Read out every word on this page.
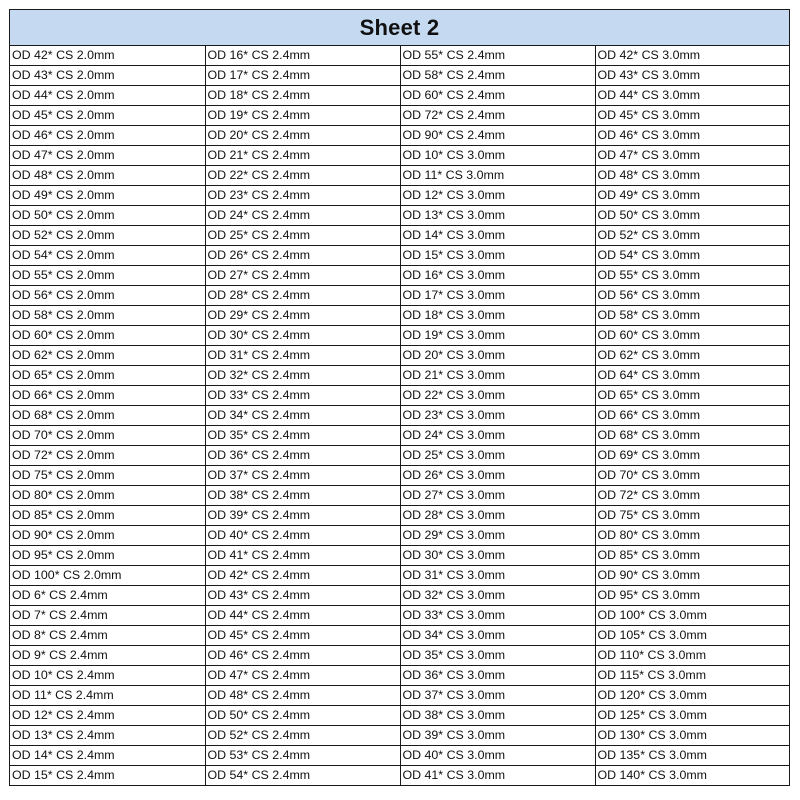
Sheet 2
OD 42* CS 2.0mm	OD 16* CS 2.4mm	OD 55* CS 2.4mm	OD 42* CS 3.0mm
OD 43* CS 2.0mm	OD 17* CS 2.4mm	OD 58* CS 2.4mm	OD 43* CS 3.0mm
OD 44* CS 2.0mm	OD 18* CS 2.4mm	OD 60* CS 2.4mm	OD 44* CS 3.0mm
OD 45* CS 2.0mm	OD 19* CS 2.4mm	OD 72* CS 2.4mm	OD 45* CS 3.0mm
OD 46* CS 2.0mm	OD 20* CS 2.4mm	OD 90* CS 2.4mm	OD 46* CS 3.0mm
OD 47* CS 2.0mm	OD 21* CS 2.4mm	OD 10* CS 3.0mm	OD 47* CS 3.0mm
OD 48* CS 2.0mm	OD 22* CS 2.4mm	OD 11* CS 3.0mm	OD 48* CS 3.0mm
OD 49* CS 2.0mm	OD 23* CS 2.4mm	OD 12* CS 3.0mm	OD 49* CS 3.0mm
OD 50* CS 2.0mm	OD 24* CS 2.4mm	OD 13* CS 3.0mm	OD 50* CS 3.0mm
OD 52* CS 2.0mm	OD 25* CS 2.4mm	OD 14* CS 3.0mm	OD 52* CS 3.0mm
OD 54* CS 2.0mm	OD 26* CS 2.4mm	OD 15* CS 3.0mm	OD 54* CS 3.0mm
OD 55* CS 2.0mm	OD 27* CS 2.4mm	OD 16* CS 3.0mm	OD 55* CS 3.0mm
OD 56* CS 2.0mm	OD 28* CS 2.4mm	OD 17* CS 3.0mm	OD 56* CS 3.0mm
OD 58* CS 2.0mm	OD 29* CS 2.4mm	OD 18* CS 3.0mm	OD 58* CS 3.0mm
OD 60* CS 2.0mm	OD 30* CS 2.4mm	OD 19* CS 3.0mm	OD 60* CS 3.0mm
OD 62* CS 2.0mm	OD 31* CS 2.4mm	OD 20* CS 3.0mm	OD 62* CS 3.0mm
OD 65* CS 2.0mm	OD 32* CS 2.4mm	OD 21* CS 3.0mm	OD 64* CS 3.0mm
OD 66* CS 2.0mm	OD 33* CS 2.4mm	OD 22* CS 3.0mm	OD 65* CS 3.0mm
OD 68* CS 2.0mm	OD 34* CS 2.4mm	OD 23* CS 3.0mm	OD 66* CS 3.0mm
OD 70* CS 2.0mm	OD 35* CS 2.4mm	OD 24* CS 3.0mm	OD 68* CS 3.0mm
OD 72* CS 2.0mm	OD 36* CS 2.4mm	OD 25* CS 3.0mm	OD 69* CS 3.0mm
OD 75* CS 2.0mm	OD 37* CS 2.4mm	OD 26* CS 3.0mm	OD 70* CS 3.0mm
OD 80* CS 2.0mm	OD 38* CS 2.4mm	OD 27* CS 3.0mm	OD 72* CS 3.0mm
OD 85* CS 2.0mm	OD 39* CS 2.4mm	OD 28* CS 3.0mm	OD 75* CS 3.0mm
OD 90* CS 2.0mm	OD 40* CS 2.4mm	OD 29* CS 3.0mm	OD 80* CS 3.0mm
OD 95* CS 2.0mm	OD 41* CS 2.4mm	OD 30* CS 3.0mm	OD 85* CS 3.0mm
OD 100* CS 2.0mm	OD 42* CS 2.4mm	OD 31* CS 3.0mm	OD 90* CS 3.0mm
OD 6* CS 2.4mm	OD 43* CS 2.4mm	OD 32* CS 3.0mm	OD 95* CS 3.0mm
OD 7* CS 2.4mm	OD 44* CS 2.4mm	OD 33* CS 3.0mm	OD 100* CS 3.0mm
OD 8* CS 2.4mm	OD 45* CS 2.4mm	OD 34* CS 3.0mm	OD 105* CS 3.0mm
OD 9* CS 2.4mm	OD 46* CS 2.4mm	OD 35* CS 3.0mm	OD 110* CS 3.0mm
OD 10* CS 2.4mm	OD 47* CS 2.4mm	OD 36* CS 3.0mm	OD 115* CS 3.0mm
OD 11* CS 2.4mm	OD 48* CS 2.4mm	OD 37* CS 3.0mm	OD 120* CS 3.0mm
OD 12* CS 2.4mm	OD 50* CS 2.4mm	OD 38* CS 3.0mm	OD 125* CS 3.0mm
OD 13* CS 2.4mm	OD 52* CS 2.4mm	OD 39* CS 3.0mm	OD 130* CS 3.0mm
OD 14* CS 2.4mm	OD 53* CS 2.4mm	OD 40* CS 3.0mm	OD 135* CS 3.0mm
OD 15* CS 2.4mm	OD 54* CS 2.4mm	OD 41* CS 3.0mm	OD 140* CS 3.0mm
